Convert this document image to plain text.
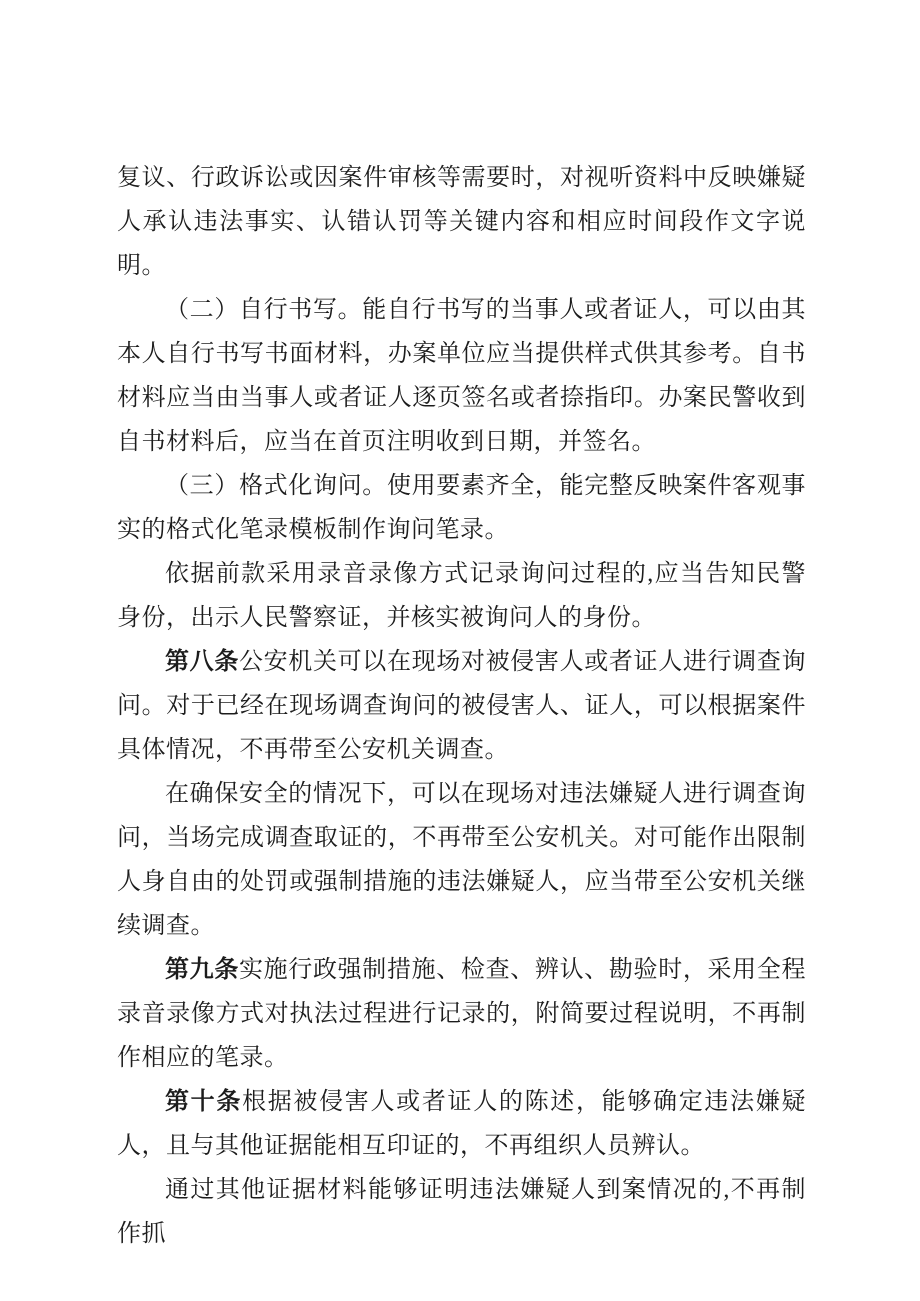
复议、行政诉讼或因案件审核等需要时，对视听资料中反映嫌疑人承认违法事实、认错认罚等关键内容和相应时间段作文字说明。

（二）自行书写。能自行书写的当事人或者证人，可以由其本人自行书写书面材料，办案单位应当提供样式供其参考。自书材料应当由当事人或者证人逐页签名或者捺指印。办案民警收到自书材料后，应当在首页注明收到日期，并签名。

（三）格式化询问。使用要素齐全，能完整反映案件客观事实的格式化笔录模板制作询问笔录。

依据前款采用录音录像方式记录询问过程的,应当告知民警身份，出示人民警察证，并核实被询问人的身份。

第八条公安机关可以在现场对被侵害人或者证人进行调查询问。对于已经在现场调查询问的被侵害人、证人，可以根据案件具体情况，不再带至公安机关调查。

在确保安全的情况下，可以在现场对违法嫌疑人进行调查询问，当场完成调查取证的，不再带至公安机关。对可能作出限制人身自由的处罚或强制措施的违法嫌疑人，应当带至公安机关继续调查。

第九条实施行政强制措施、检查、辨认、勘验时，采用全程录音录像方式对执法过程进行记录的，附简要过程说明，不再制作相应的笔录。

第十条根据被侵害人或者证人的陈述，能够确定违法嫌疑人，且与其他证据能相互印证的，不再组织人员辨认。

通过其他证据材料能够证明违法嫌疑人到案情况的,不再制作抓
